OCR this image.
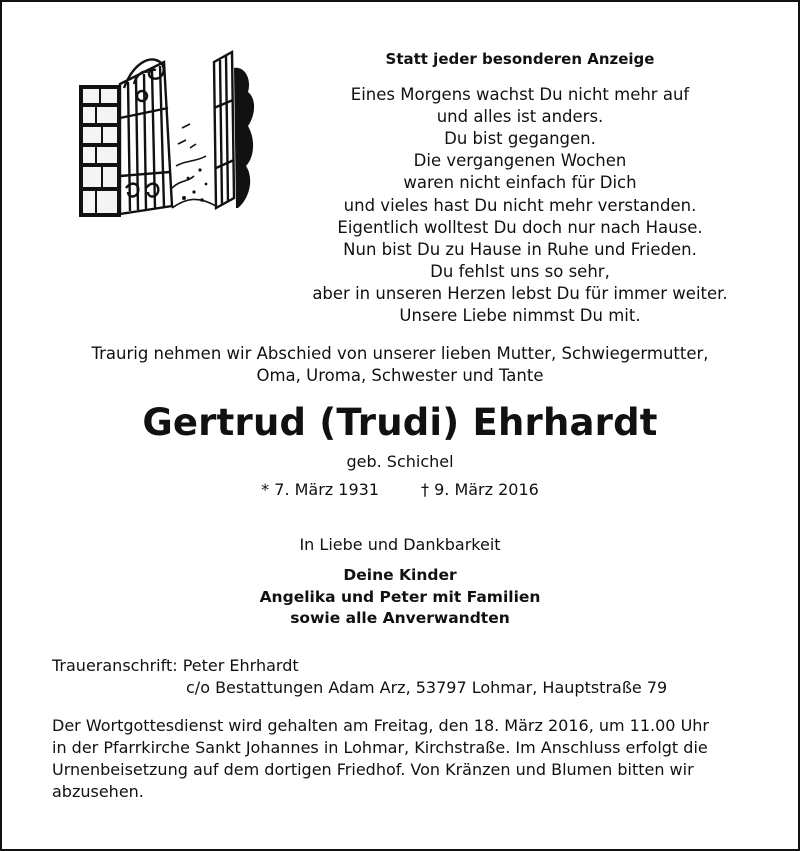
Statt jeder besonderen Anzeige
Eines Morgens wachst Du nicht mehr auf
und alles ist anders.
Du bist gegangen.
Die vergangenen Wochen
waren nicht einfach für Dich
und vieles hast Du nicht mehr verstanden.
Eigentlich wolltest Du doch nur nach Hause.
Nun bist Du zu Hause in Ruhe und Frieden.
Du fehlst uns so sehr,
aber in unseren Herzen lebst Du für immer weiter.
Unsere Liebe nimmst Du mit.
Traurig nehmen wir Abschied von unserer lieben Mutter, Schwiegermutter,
Oma, Uroma, Schwester und Tante
Gertrud (Trudi) Ehrhardt
geb. Schichel
* 7. März 1931	† 9. März 2016
In Liebe und Dankbarkeit
Deine Kinder
Angelika und Peter mit Familien
sowie alle Anverwandten
Traueranschrift: Peter Ehrhardt
c/o Bestattungen Adam Arz, 53797 Lohmar, Hauptstraße 79
Der Wortgottesdienst wird gehalten am Freitag, den 18. März 2016, um 11.00 Uhr
in der Pfarrkirche Sankt Johannes in Lohmar, Kirchstraße. Im Anschluss erfolgt die
Urnenbeisetzung auf dem dortigen Friedhof. Von Kränzen und Blumen bitten wir
abzusehen.
